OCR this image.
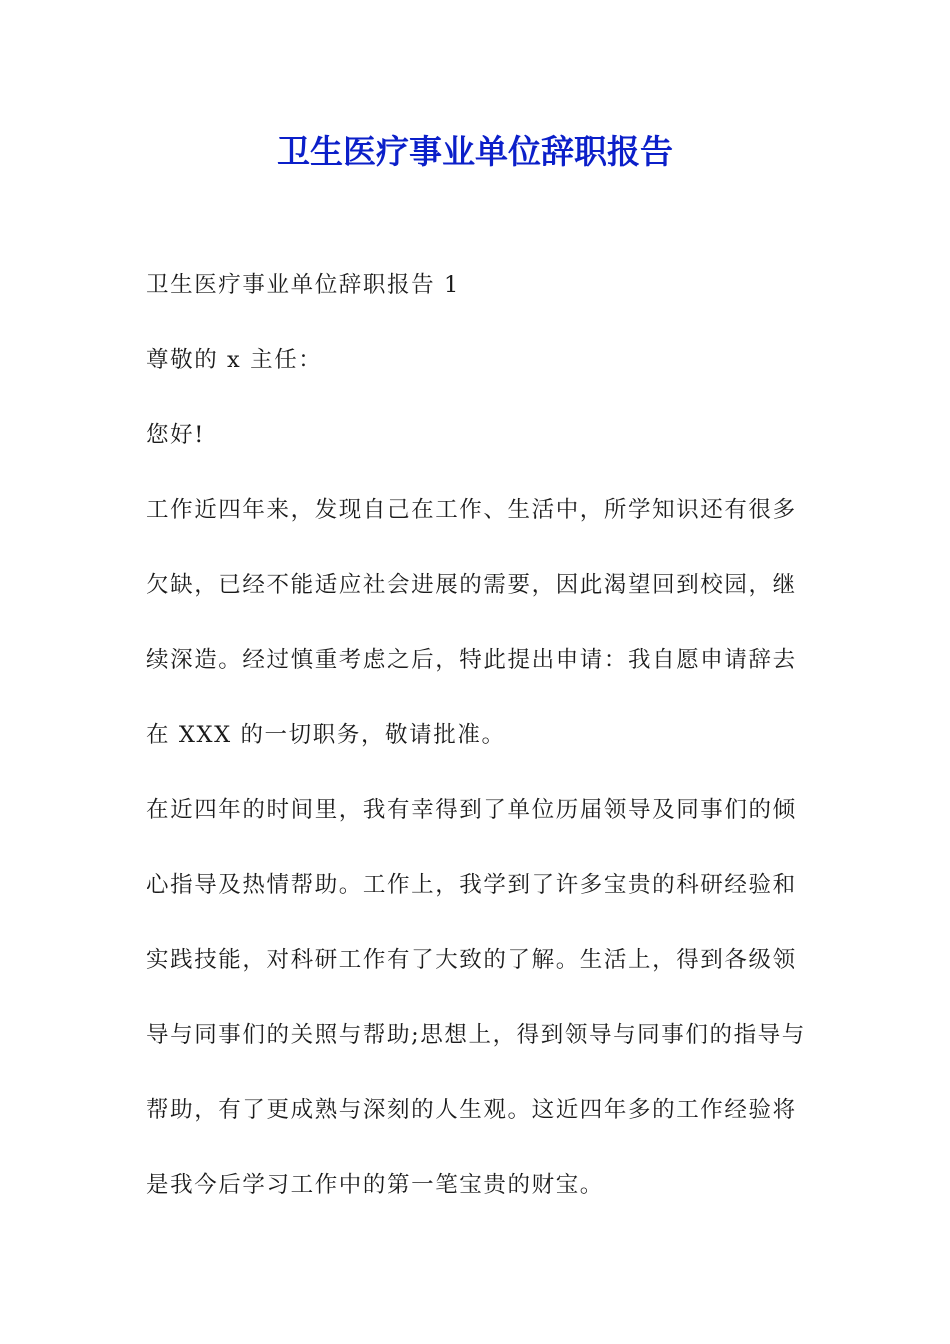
卫生医疗事业单位辞职报告
卫生医疗事业单位辞职报告 1
尊敬的 x 主任：
您好!
工作近四年来，发现自己在工作、生活中，所学知识还有很多
欠缺，已经不能适应社会进展的需要，因此渴望回到校园，继
续深造。经过慎重考虑之后，特此提出申请：我自愿申请辞去
在 XXX 的一切职务，敬请批准。
在近四年的时间里，我有幸得到了单位历届领导及同事们的倾
心指导及热情帮助。工作上，我学到了许多宝贵的科研经验和
实践技能，对科研工作有了大致的了解。生活上，得到各级领
导与同事们的关照与帮助;思想上，得到领导与同事们的指导与
帮助，有了更成熟与深刻的人生观。这近四年多的工作经验将
是我今后学习工作中的第一笔宝贵的财宝。
